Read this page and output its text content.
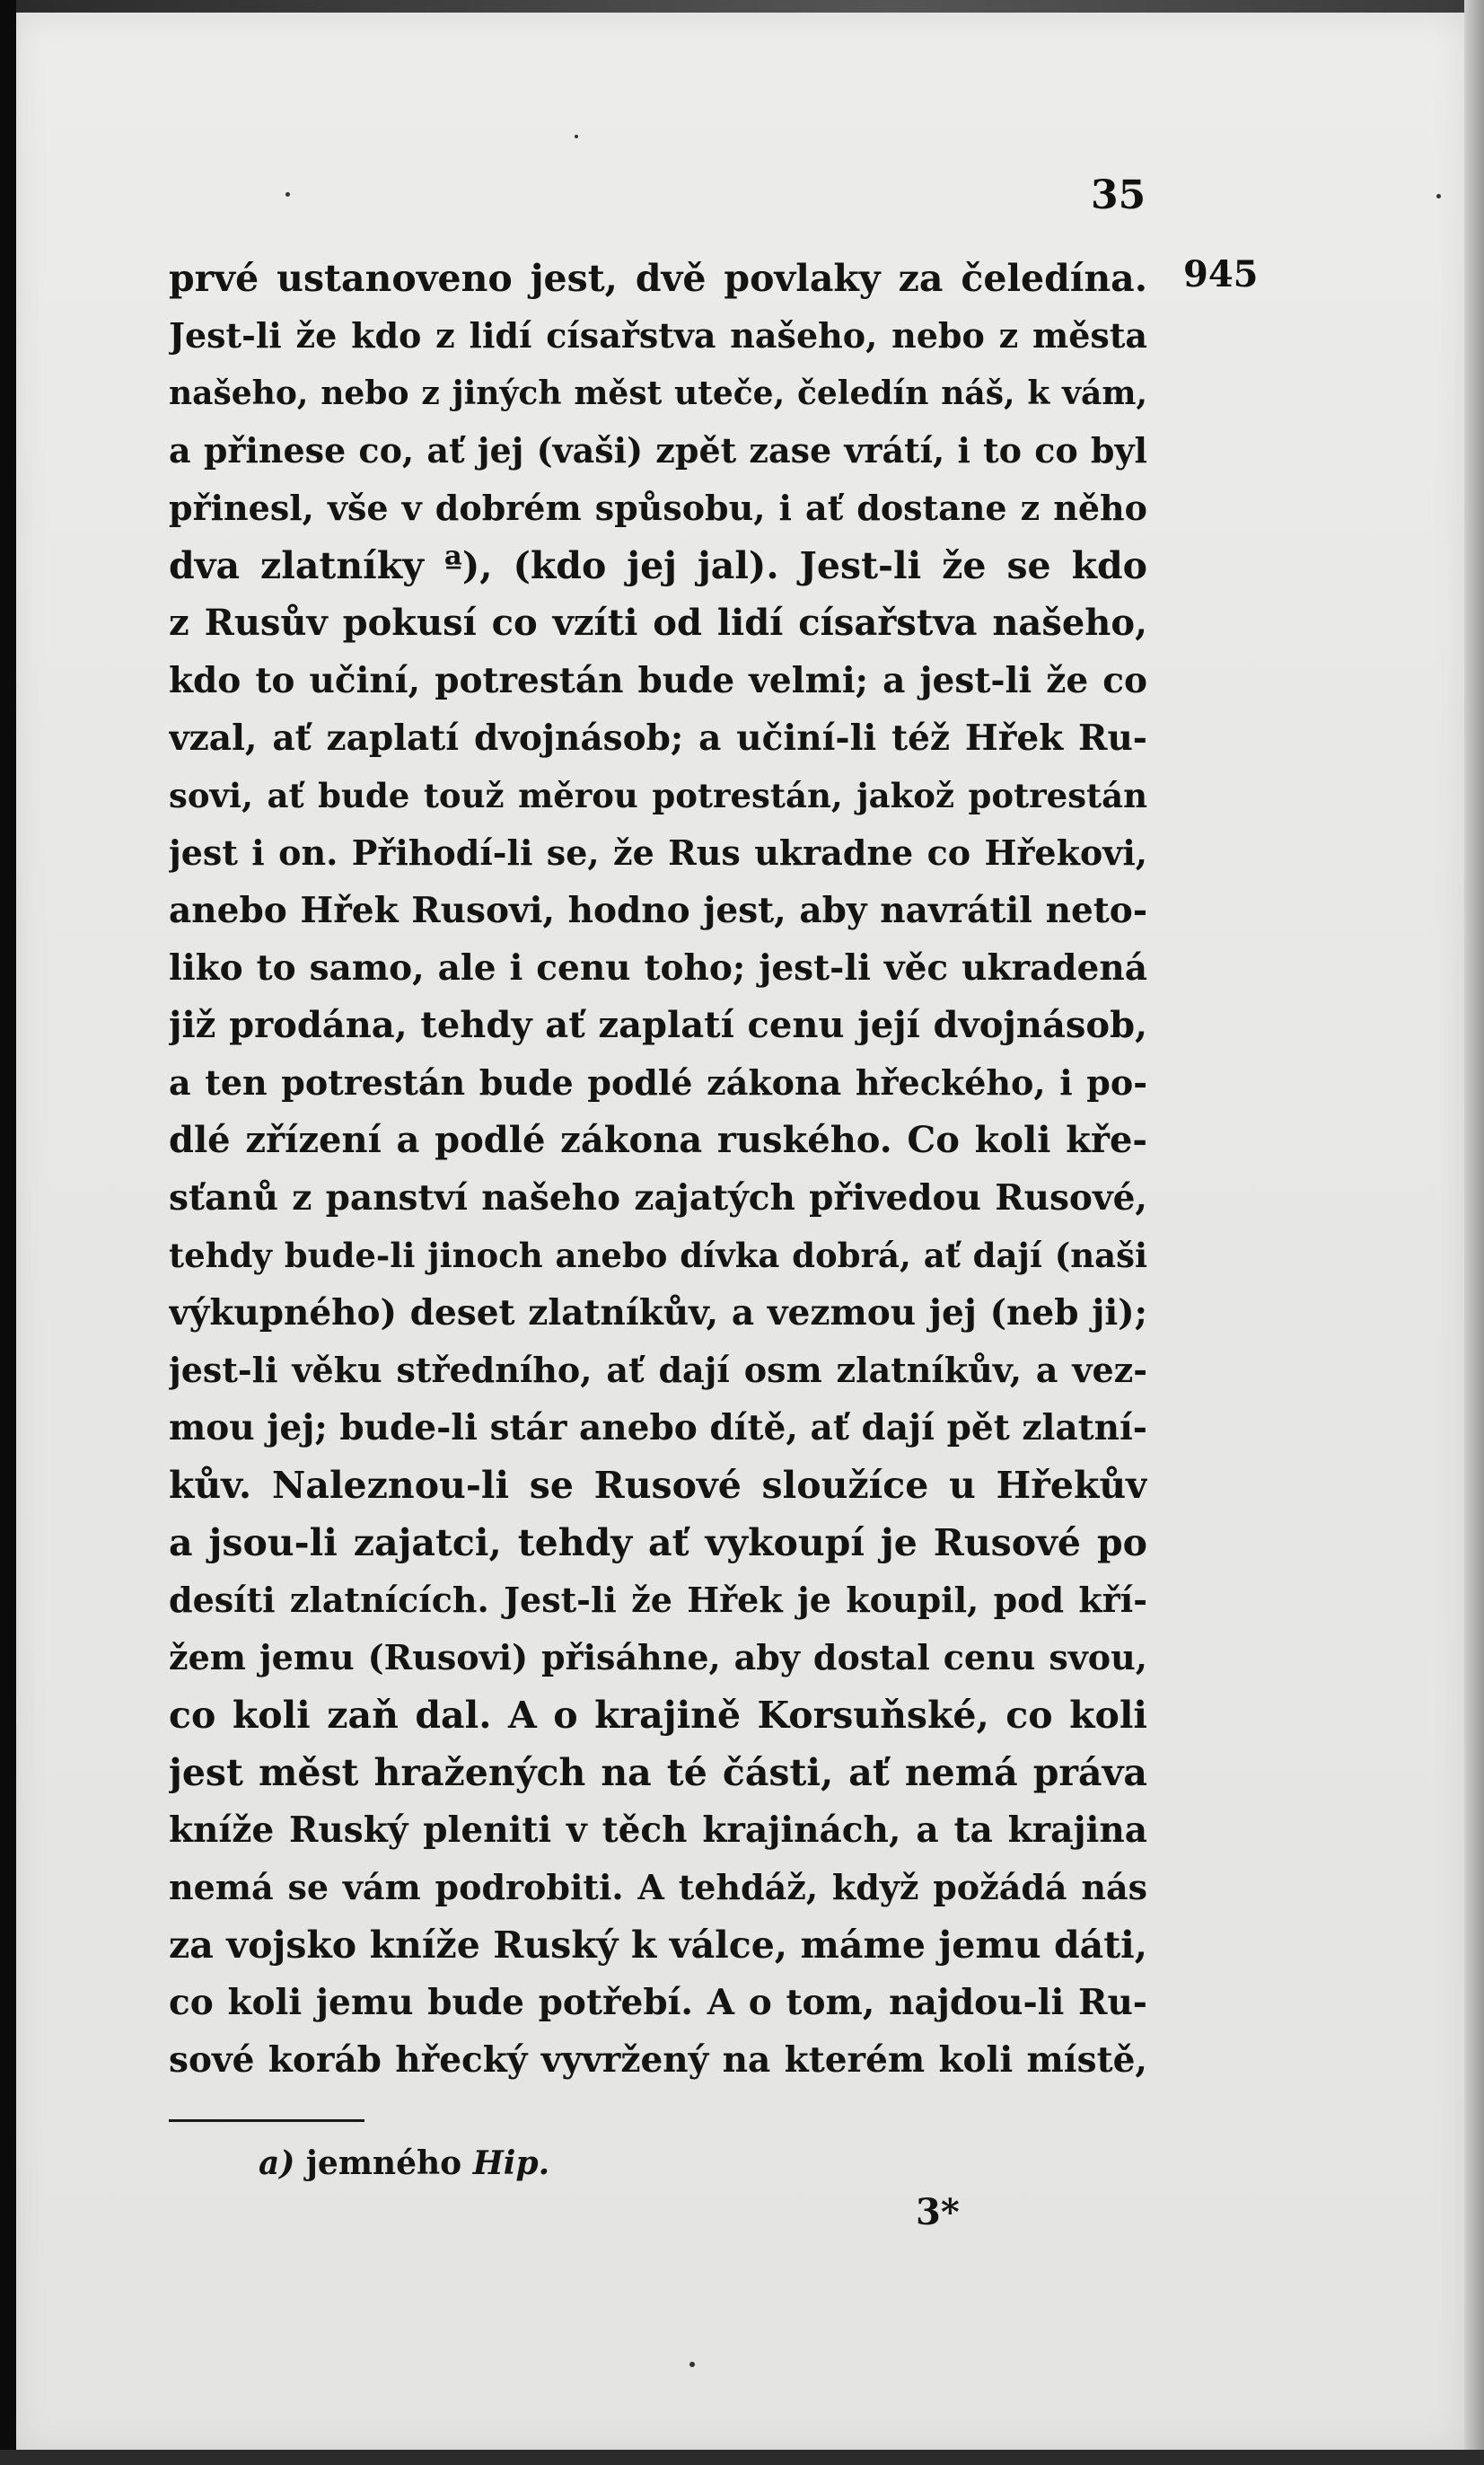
35
945
prvé ustanoveno jest, dvě povlaky za čeledína.
Jest-li že kdo z lidí císařstva našeho, nebo z města
našeho, nebo z jiných měst uteče, čeledín náš, k vám,
a přinese co, ať jej (vaši) zpět zase vrátí, i to co byl
přinesl, vše v dobrém spůsobu, i ať dostane z něho
dva zlatníky ª), (kdo jej jal). Jest-li že se kdo
z Rusův pokusí co vzíti od lidí císařstva našeho,
kdo to učiní, potrestán bude velmi; a jest-li že co
vzal, ať zaplatí dvojnásob; a učiní-li též Hřek Ru-
sovi, ať bude touž měrou potrestán, jakož potrestán
jest i on. Přihodí-li se, že Rus ukradne co Hřekovi,
anebo Hřek Rusovi, hodno jest, aby navrátil neto-
liko to samo, ale i cenu toho; jest-li věc ukradená
již prodána, tehdy ať zaplatí cenu její dvojnásob,
a ten potrestán bude podlé zákona hřeckého, i po-
dlé zřízení a podlé zákona ruského. Co koli kře-
sťanů z panství našeho zajatých přivedou Rusové,
tehdy bude-li jinoch anebo dívka dobrá, ať dají (naši
výkupného) deset zlatníkův, a vezmou jej (neb ji);
jest-li věku středního, ať dají osm zlatníkův, a vez-
mou jej; bude-li stár anebo dítě, ať dají pět zlatní-
kův. Naleznou-li se Rusové sloužíce u Hřekův
a jsou-li zajatci, tehdy ať vykoupí je Rusové po
desíti zlatnících. Jest-li že Hřek je koupil, pod kří-
žem jemu (Rusovi) přisáhne, aby dostal cenu svou,
co koli zaň dal. A o krajině Korsuňské, co koli
jest měst hražených na té části, ať nemá práva
kníže Ruský pleniti v těch krajinách, a ta krajina
nemá se vám podrobiti. A tehdáž, když požádá nás
za vojsko kníže Ruský k válce, máme jemu dáti,
co koli jemu bude potřebí. A o tom, najdou-li Ru-
sové koráb hřecký vyvržený na kterém koli místě,
a) jemného Hip.
3*
